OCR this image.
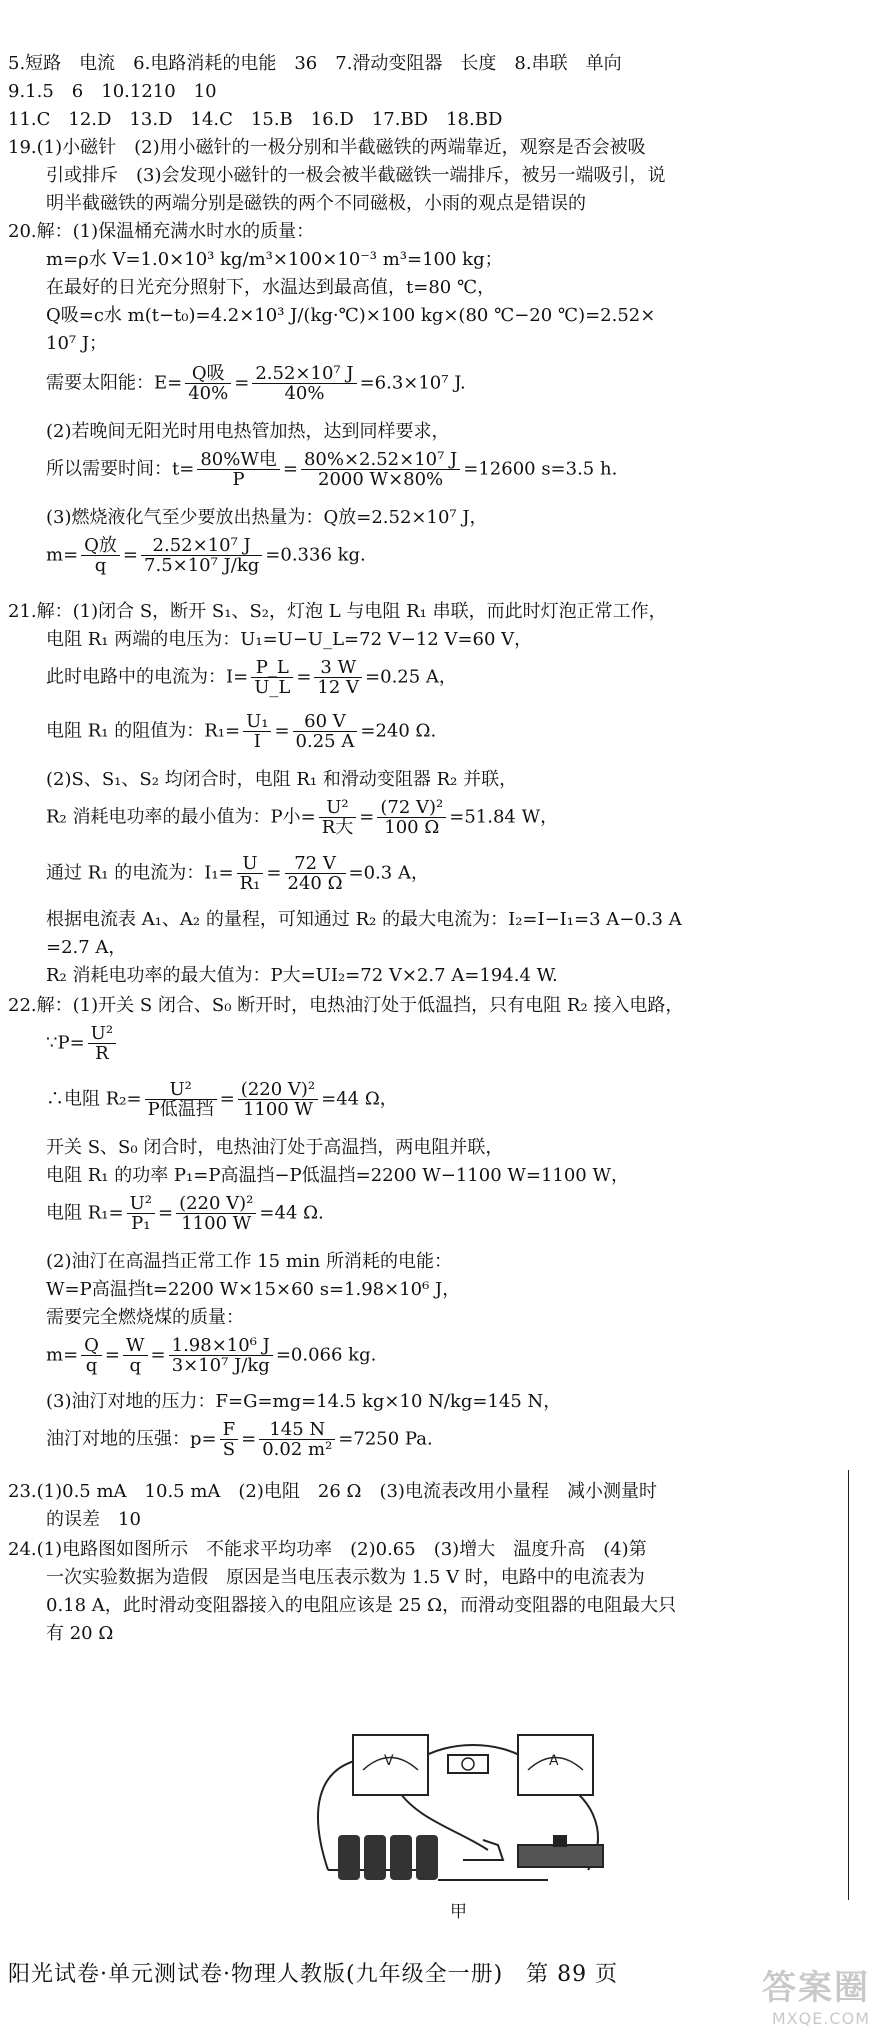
5.短路　电流　6.电路消耗的电能　36　7.滑动变阻器　长度　8.串联　单向
9.1.5　6　10.1210　10
11.C　12.D　13.D　14.C　15.B　16.D　17.BD　18.BD
19.(1)小磁针　(2)用小磁针的一极分别和半截磁铁的两端靠近，观察是否会被吸
引或排斥　(3)会发现小磁针的一极会被半截磁铁一端排斥，被另一端吸引，说
明半截磁铁的两端分别是磁铁的两个不同磁极，小雨的观点是错误的
20.解：(1)保温桶充满水时水的质量：
m=ρ水 V=1.0×10³ kg/m³×100×10⁻³ m³=100 kg；
在最好的日光充分照射下，水温达到最高值，t=80 ℃，
Q吸=c水 m(t−t₀)=4.2×10³ J/(kg·℃)×100 kg×(80 ℃−20 ℃)=2.52×
10⁷ J；
需要太阳能：$E= \frac{\text{Q吸}}{40\%} = \frac{\text{2.52×10⁷ J}}{40\%} =6.3\times 10^7$ J.
(2)若晚间无阳光时用电热管加热，达到同样要求，
所以需要时间：$t= \frac{\text{80\%W电}}{P} = \frac{\text{80\%×2.52×10⁷ J}}{2000 W\times 80\%} =12600$ s=3.5 h.
(3)燃烧液化气至少要放出热量为：Q放=2.52×10⁷ J，
$m= \frac{\text{Q放}}{q} = \frac{\text{2.52×10⁷ J}}{\text{7.5×10⁷ J/kg}} =0.336$ kg.
21.解：(1)闭合 S，断开 S₁、S₂，灯泡 L 与电阻 R₁ 串联，而此时灯泡正常工作，
电阻 R₁ 两端的电压为：U₁=U−U_L=72 V−12 V=60 V，
此时电路中的电流为：$I= \frac{P\_L}{U\_L} = \frac{3 W}{12 V} =0.25$ A，
电阻 R₁ 的阻值为：$R_1= \frac{\text{U₁}}{I} = \frac{60 V}{0.25 A} =240$ Ω.
(2)S、S₁、S₂ 均闭合时，电阻 R₁ 和滑动变阻器 R₂ 并联，
R₂ 消耗电功率的最小值为：P小= $\frac{\text{U²}}{\text{R大}} = \frac{\text{(72 V)²}}{100 \Omega} =51.84$ W，
通过 R₁ 的电流为：$I_1= \frac{U}{\text{R₁}} = \frac{72 V}{240 \Omega} =0.3$ A，
根据电流表 A₁、A₂ 的量程，可知通过 R₂ 的最大电流为：I₂=I−I₁=3 A−0.3 A
=2.7 A，
R₂ 消耗电功率的最大值为：P大=UI₂=72 V×2.7 A=194.4 W.
22.解：(1)开关 S 闭合、S₀ 断开时，电热油汀处于低温挡，只有电阻 R₂ 接入电路，
∵P= $\frac{\text{U²}}{R}$
∴电阻 $R_2= \frac{\text{U²}}{\text{P低温挡}} = \frac{\text{(220 V)²}}{1100 W} =44$ Ω，
开关 S、S₀ 闭合时，电热油汀处于高温挡，两电阻并联，
电阻 R₁ 的功率 P₁=P高温挡−P低温挡=2200 W−1100 W=1100 W，
电阻 $R_1= \frac{\text{U²}}{\text{P₁}} = \frac{\text{(220 V)²}}{1100 W} =44$ Ω.
(2)油汀在高温挡正常工作 15 min 所消耗的电能：
W=P高温挡t=2200 W×15×60 s=1.98×10⁶ J，
需要完全燃烧煤的质量：
$m= \frac{Q}{q} = \frac{W}{q} = \frac{\text{1.98×10⁶ J}}{\text{3×10⁷ J/kg}} =0.066$ kg.
(3)油汀对地的压力：F=G=mg=14.5 kg×10 N/kg=145 N，
油汀对地的压强：$p= \frac{F}{S} = \frac{145 N}{\text{0.02 m²}} =7250$ Pa.
23.(1)0.5 mA　10.5 mA　(2)电阻　26 Ω　(3)电流表改用小量程　减小测量时
的误差　10
24.(1)电路图如图所示　不能求平均功率　(2)0.65　(3)增大　温度升高　(4)第
一次实验数据为造假　原因是当电压表示数为 1.5 V 时，电路中的电流表为
0.18 A，此时滑动变阻器接入的电阻应该是 25 Ω，而滑动变阻器的电阻最大只
有 20 Ω
V	A
甲
阳光试卷·单元测试卷·物理人教版(九年级全一册)　第 89 页	答案圈
MXQE.COM
